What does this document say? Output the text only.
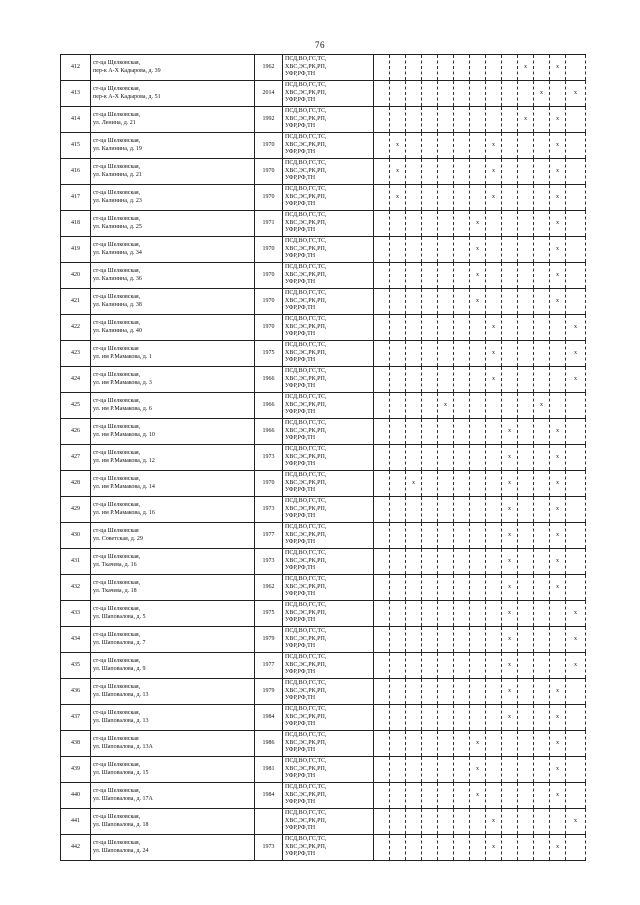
76
412	ст-ца Щелковская,
пер-к А-Х Кадырова, д. 39	1962	ПСД,ВО,ГС,ТС,
ХВС,ЭС,РК,РП,
УФР,РФ,ТН										x		x	
413	ст-ца Щелковская,
пер-к А-Х Кадырова, д. 51	2014	ПСД,ВО,ГС,ТС,
ХВС,ЭС,РК,РП,
УФР,РФ,ТН											x		x
414	ст-ца Шелковская,
ул. Ленина, д. 21	1992	ПСД,ВО,ГС,ТС,
ХВС,ЭС,РК,РП,
УФР,РФ,ТН										x		x	
415	ст-ца Шелковская,
ул. Калинина, д. 19	1970	ПСД,ВО,ГС,ТС,
ХВС,ЭС,РК,РП,
УФР,РФ,ТН		x						x				x	
416	ст-ца Шелковская,
ул. Калинина, д. 21	1970	ПСД,ВО,ГС,ТС,
ХВС,ЭС,РК,РП,
УФР,РФ,ТН		x						x				x	
417	ст-ца Шелковская,
ул. Калинина, д. 23	1970	ПСД,ВО,ГС,ТС,
ХВС,ЭС,РК,РП,
УФР,РФ,ТН		x						x				x	
418	ст-ца Шелковская,
ул. Калинина, д. 25	1971	ПСД,ВО,ГС,ТС,
ХВС,ЭС,РК,РП,
УФР,РФ,ТН							x					x	
419	ст-ца Шелковская,
ул. Калинина, д. 34	1970	ПСД,ВО,ГС,ТС,
ХВС,ЭС,РК,РП,
УФР,РФ,ТН							x					x	
420	ст-ца Шелковская,
ул. Калинина, д. 36	1970	ПСД,ВО,ГС,ТС,
ХВС,ЭС,РК,РП,
УФР,РФ,ТН							x					x	
421	ст-ца Шелковская,
ул. Калинина, д. 38	1970	ПСД,ВО,ГС,ТС,
ХВС,ЭС,РК,РП,
УФР,РФ,ТН							x					x	
422	ст-ца Шелковская,
ул. Калинина, д. 40	1970	ПСД,ВО,ГС,ТС,
ХВС,ЭС,РК,РП,
УФР,РФ,ТН								x					x
423	ст-ца Шелковская
ул. им Р.Мамакова, д. 1	1975	ПСД,ВО,ГС,ТС,
ХВС,ЭС,РК,РП,
УФР,РФ,ТН								x					x
424	ст-ца Шелковская,
ул. им Р.Мамакова, д. 3	1966	ПСД,ВО,ГС,ТС,
ХВС,ЭС,РК,РП,
УФР,РФ,ТН								x					x
425	ст-ца Шелковская,
ул. им Р.Мамакова, д. 6	1966	ПСД,ВО,ГС,ТС,
ХВС,ЭС,РК,РП,
УФР,РФ,ТН					x						x		
426	ст-ца Шелковская,
ул. им Р.Мамакова, д. 10	1966	ПСД,ВО,ГС,ТС,
ХВС,ЭС,РК,РП,
УФР,РФ,ТН									x			x	
427	ст-ца Шелковская,
ул. им Р.Мамакова, д. 12	1973	ПСД,ВО,ГС,ТС,
ХВС,ЭС,РК,РП,
УФР,РФ,ТН									x			x	
428	ст-ца Шелковская,
ул. им Р.Мамакова, д. 14	1970	ПСД,ВО,ГС,ТС,
ХВС,ЭС,РК,РП,
УФР,РФ,ТН			x						x			x	
429	ст-ца Шелковская,
ул. им Р.Мамакова, д. 16	1973	ПСД,ВО,ГС,ТС,
ХВС,ЭС,РК,РП,
УФР,РФ,ТН									x			x	
430	ст-ца Шелковская
ул. Советская, д. 29	1977	ПСД,ВО,ГС,ТС,
ХВС,ЭС,РК,РП,
УФР,РФ,ТН									x			x	
431	ст-ца Шелковская,
ул. Ткачева, д. 16	1973	ПСД,ВО,ГС,ТС,
ХВС,ЭС,РК,РП,
УФР,РФ,ТН									x			x	
432	ст-ца Шелковская,
ул. Ткачева, д. 18	1962	ПСД,ВО,ГС,ТС,
ХВС,ЭС,РК,РП,
УФР,РФ,ТН									x			x	
433	ст-ца Шелковская,
ул. Шаповалова, д. 5	1975	ПСД,ВО,ГС,ТС,
ХВС,ЭС,РК,РП,
УФР,РФ,ТН									x				x
434	ст-ца Шелковская,
ул. Шаповалова, д. 7	1979	ПСД,ВО,ГС,ТС,
ХВС,ЭС,РК,РП,
УФР,РФ,ТН									x				x
435	ст-ца Шелковская,
ул. Шаповалова, д. 9	1977	ПСД,ВО,ГС,ТС,
ХВС,ЭС,РК,РП,
УФР,РФ,ТН									x				x
436	ст-ца Шелковская,
ул. Шаповалова, д. 13	1979	ПСД,ВО,ГС,ТС,
ХВС,ЭС,РК,РП,
УФР,РФ,ТН									x			x	
437	ст-ца Шелковская,
ул. Шаповалова, д. 13	1984	ПСД,ВО,ГС,ТС,
ХВС,ЭС,РК,РП,
УФР,РФ,ТН									x			x	
438	ст-ца Шелковская
ул. Шаповалова, д. 13А	1986	ПСД,ВО,ГС,ТС,
ХВС,ЭС,РК,РП,
УФР,РФ,ТН							x					x	
439	ст-ца Шелковская,
ул. Шаповалова, д. 15	1981	ПСД,ВО,ГС,ТС,
ХВС,ЭС,РК,РП,
УФР,РФ,ТН							x					x	
440	ст-ца Шелковская,
ул. Шаповалова, д. 17А	1984	ПСД,ВО,ГС,ТС,
ХВС,ЭС,РК,РП,
УФР,РФ,ТН							x					x	
441	ст-ца Шелковская,
ул. Шаповалова, д. 18		ПСД,ВО,ГС,ТС,
ХВС,ЭС,РК,РП,
УФР,РФ,ТН								x					x
442	ст-ца Шелковская,
ул. Шаповалова, д. 24	1973	ПСД,ВО,ГС,ТС,
ХВС,ЭС,РК,РП,
УФР,РФ,ТН								x				x	
